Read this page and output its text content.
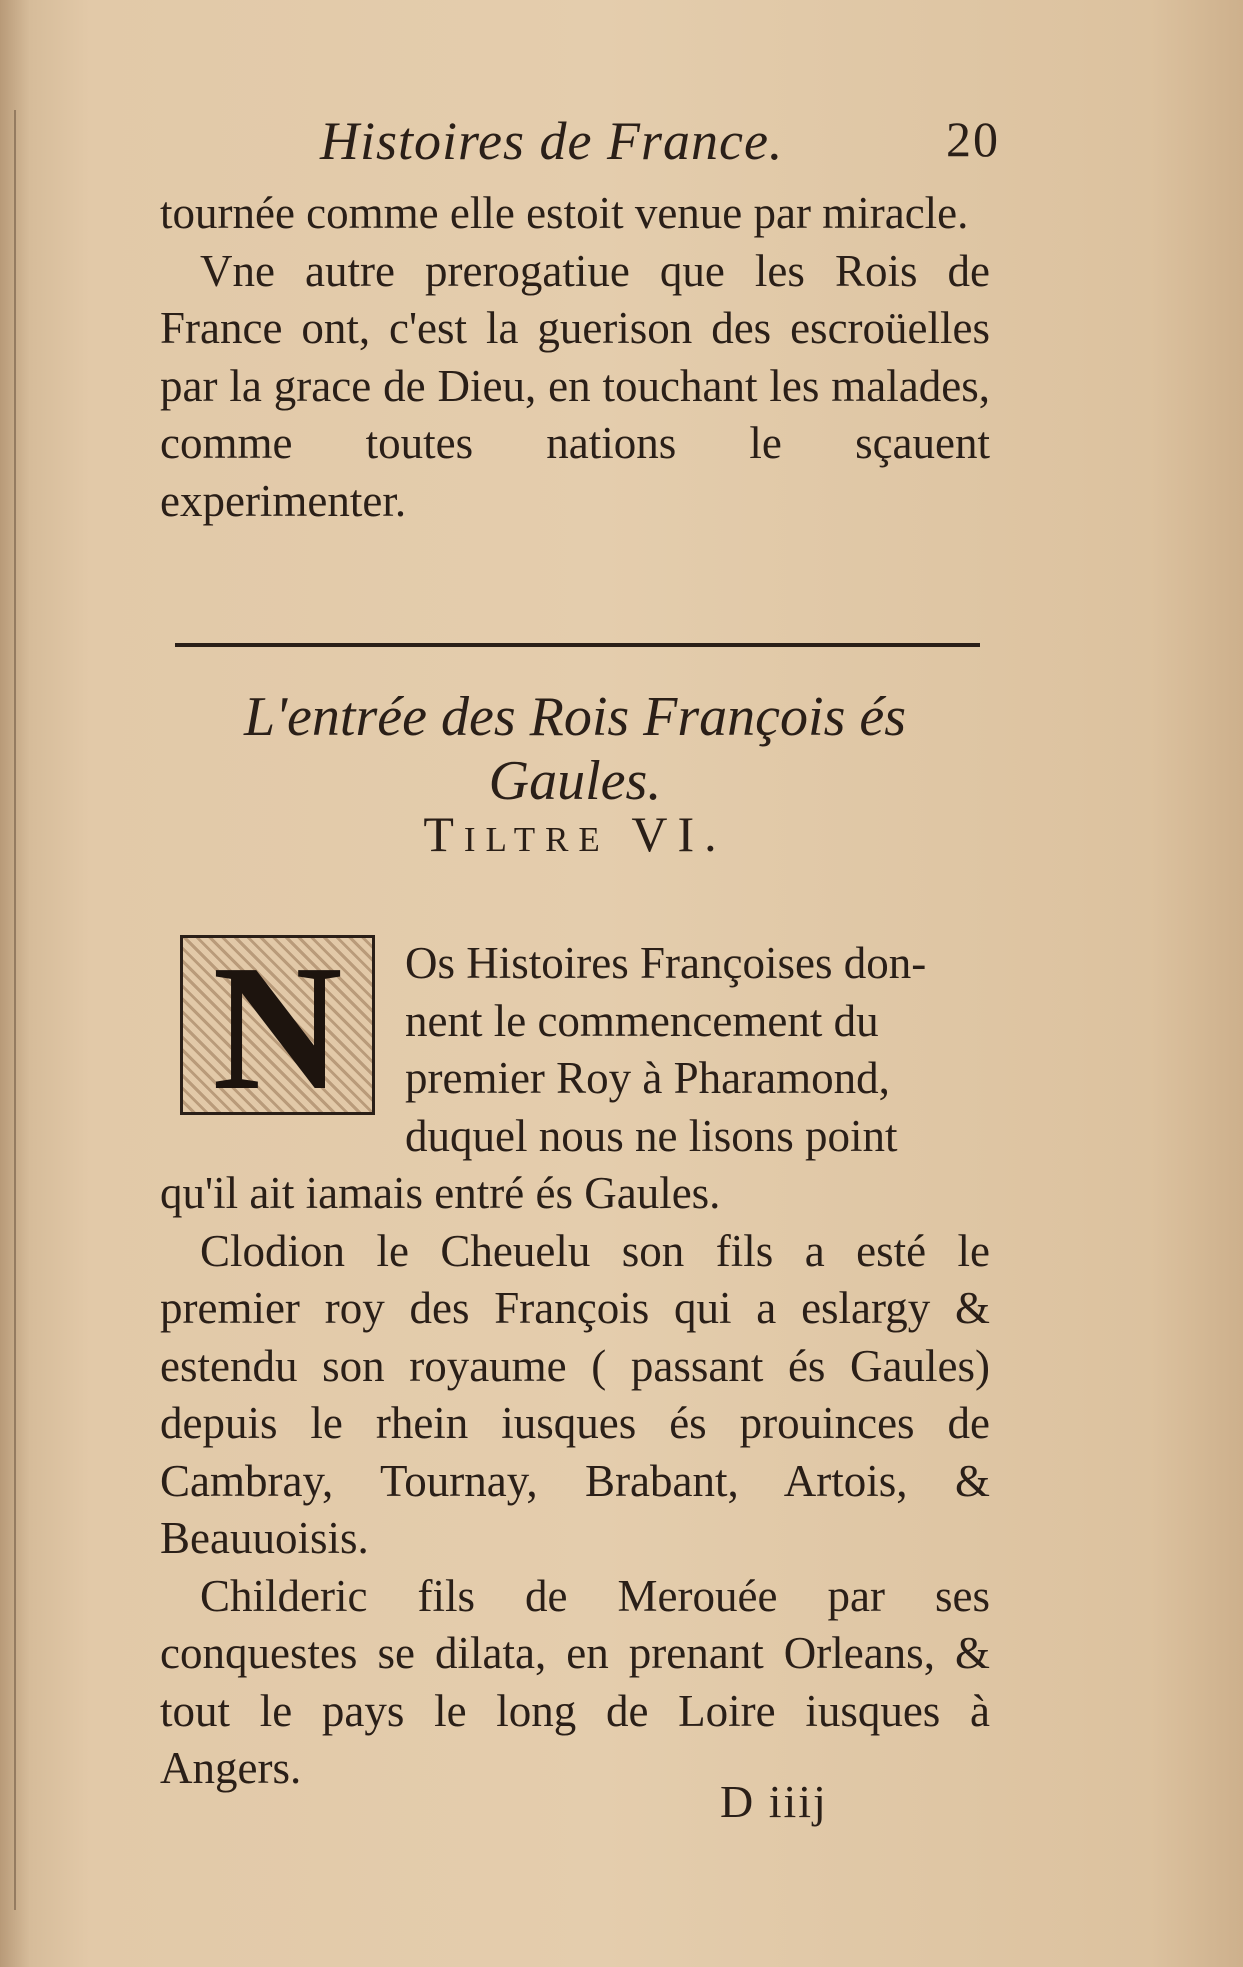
Histoires de France.	20

tournée comme elle estoit venue par miracle.

Vne autre prerogatiue que les Rois de France ont, c'est la guerison des escroüelles par la grace de Dieu, en touchant les malades, comme toutes nations le sçauent experimenter.

L'entrée des Rois François és Gaules.
Tiltre VI.
N	Os Histoires Françoises don-
nent le commencement du
premier Roy à Pharamond,
duquel nous ne lisons point

qu'il ait iamais entré és Gaules.

Clodion le Cheuelu son fils a esté le premier roy des François qui a eslargy & estendu son royaume ( passant és Gaules) depuis le rhein iusques és prouinces de Cambray, Tournay, Brabant, Artois, & Beauuoisis.

Childeric fils de Merouée par ses conquestes se dilata, en prenant Orleans, & tout le pays le long de Loire iusques à Angers.

D iiij
